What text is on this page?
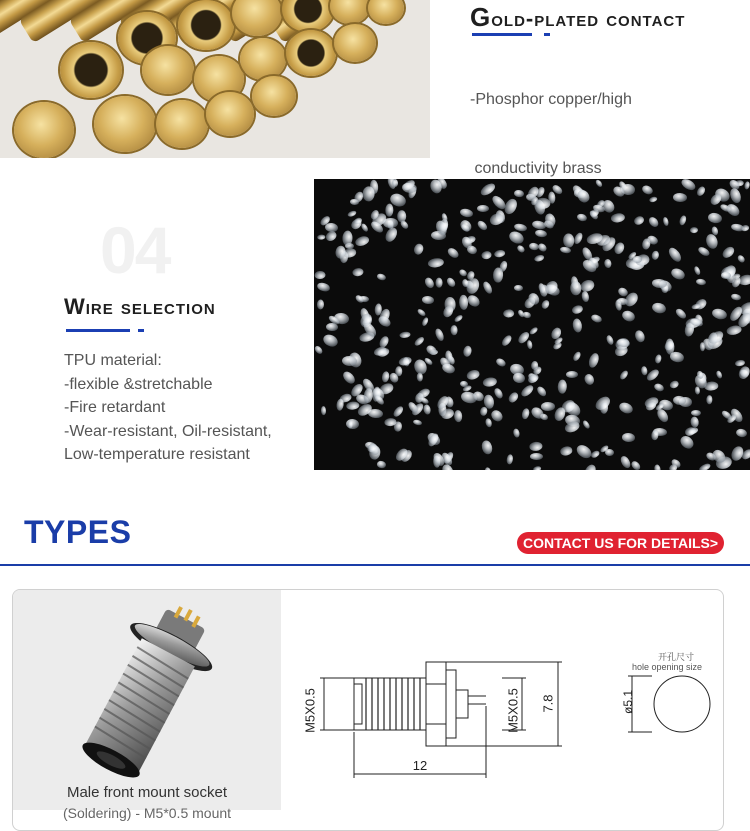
Gold-plated contact

-Phosphor copper/high

conductivity brass

04
Wire selection
TPU material:
-flexible &stretchable
-Fire retardant
-Wear-resistant, Oil-resistant,
Low-temperature resistant
TYPES	CONTACT US FOR DETAILS>
Male front mount socket
(Soldering) - M5*0.5 mount
M5X0.5	M5X0.5 7.8
12
ø5.1
开孔尺寸
hole opening size
